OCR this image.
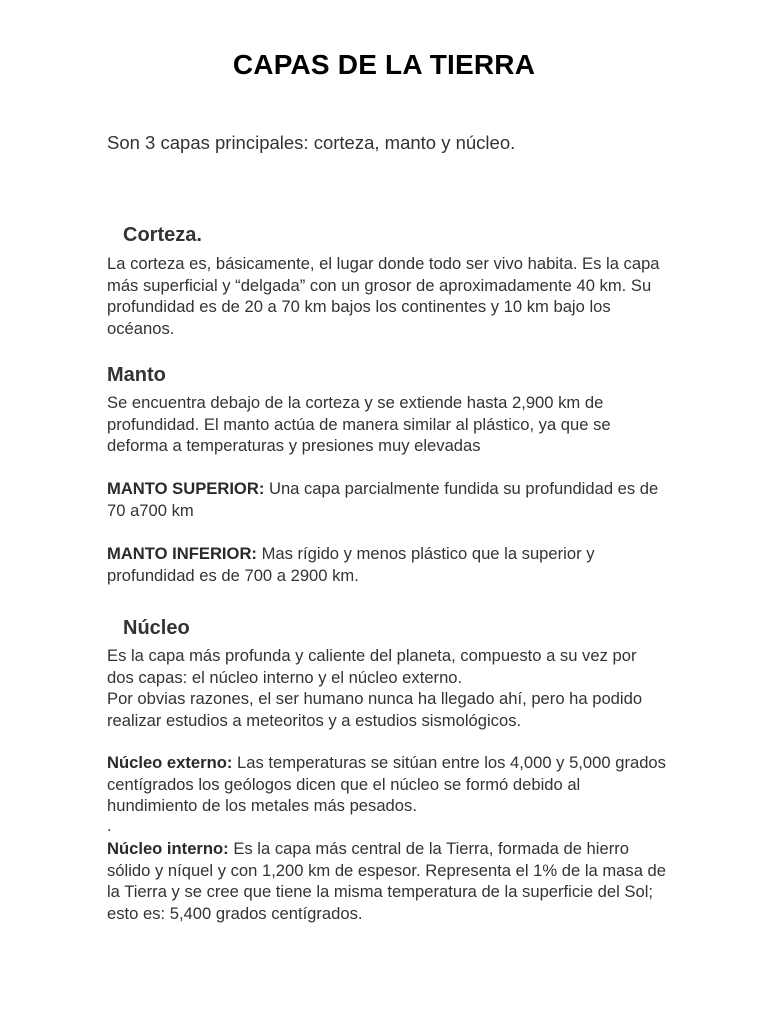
CAPAS DE LA TIERRA

Son 3 capas principales: corteza, manto y núcleo.

Corteza.

La corteza es, básicamente, el lugar donde todo ser vivo habita. Es la capa más superficial y “delgada” con un grosor de aproximadamente 40 km. Su profundidad es de 20 a 70 km bajos los continentes y 10 km bajo los océanos.

Manto

Se encuentra debajo de la corteza y se extiende hasta 2,900 km de profundidad. El manto actúa de manera similar al plástico, ya que se deforma a temperaturas y presiones muy elevadas

MANTO SUPERIOR: Una capa parcialmente fundida su profundidad es de 70 a700 km

MANTO INFERIOR: Mas rígido y menos plástico que la superior y profundidad es de 700 a 2900 km.

Núcleo

Es la capa más profunda y caliente del planeta, compuesto a su vez por dos capas: el núcleo interno y el núcleo externo.

Por obvias razones, el ser humano nunca ha llegado ahí, pero ha podido realizar estudios a meteoritos y a estudios sismológicos.

Núcleo externo: Las temperaturas se sitúan entre los 4,000 y 5,000 grados centígrados los geólogos dicen que el núcleo se formó debido al hundimiento de los metales más pesados.

.

Núcleo interno: Es la capa más central de la Tierra, formada de hierro sólido y níquel y con 1,200 km de espesor. Representa el 1% de la masa de la Tierra y se cree que tiene la misma temperatura de la superficie del Sol; esto es: 5,400 grados centígrados.
